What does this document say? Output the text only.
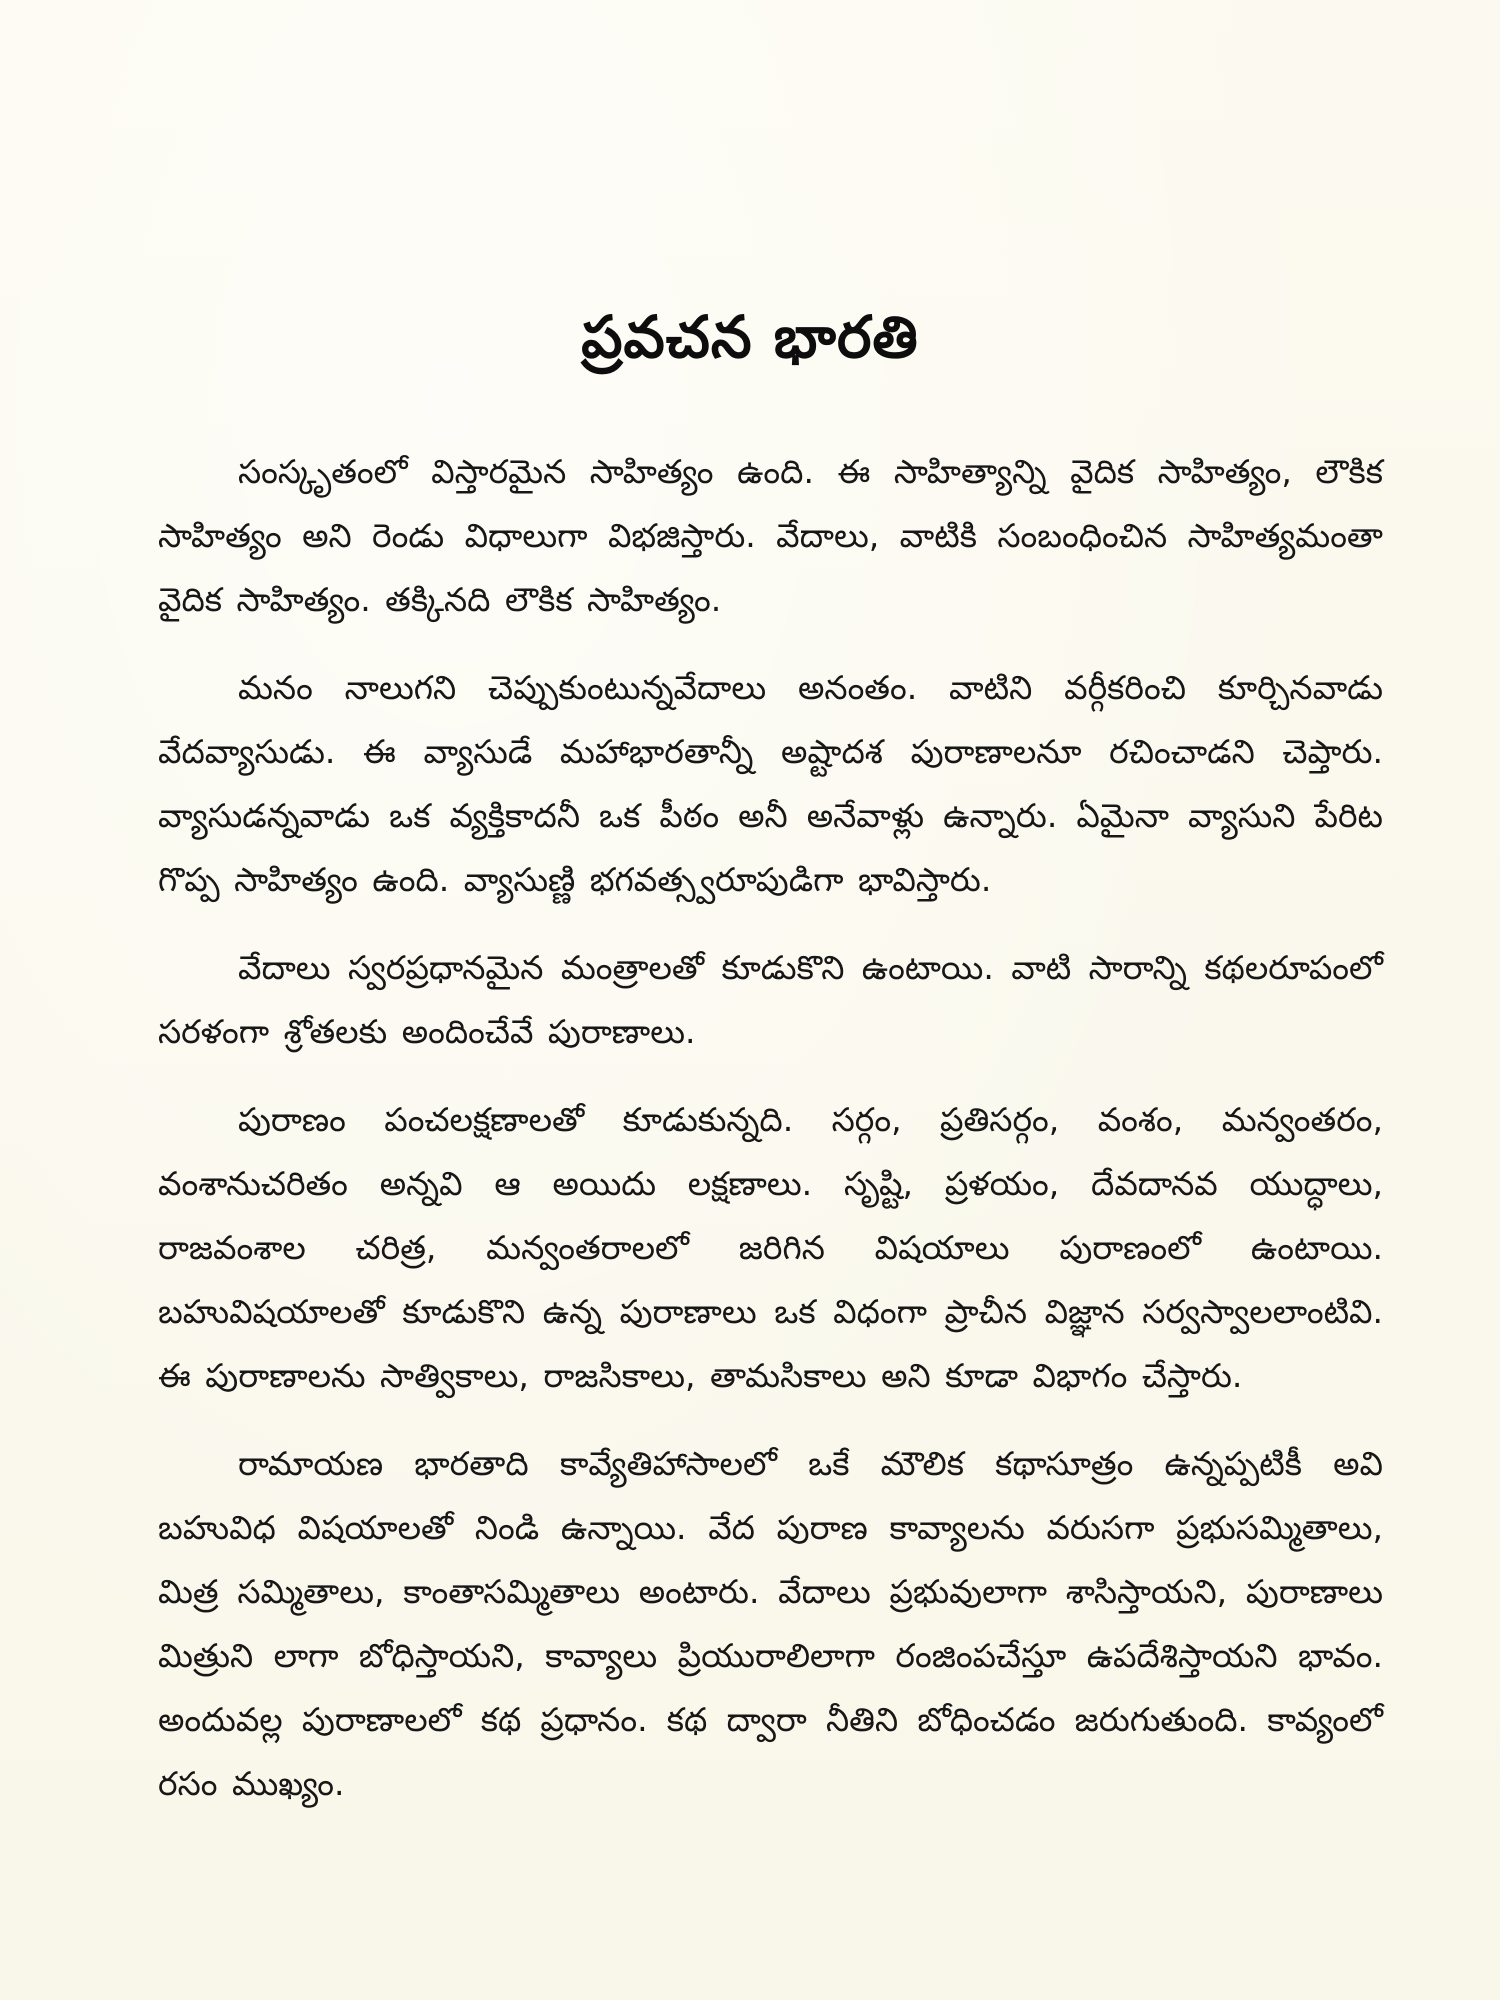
ప్రవచన భారతి

సంస్కృతంలో విస్తారమైన సాహిత్యం ఉంది. ఈ సాహిత్యాన్ని వైదిక సాహిత్యం, లౌకిక సాహిత్యం అని రెండు విధాలుగా విభజిస్తారు. వేదాలు, వాటికి సంబంధించిన సాహిత్యమంతా వైదిక సాహిత్యం. తక్కినది లౌకిక సాహిత్యం.

మనం నాలుగని చెప్పుకుంటున్నవేదాలు అనంతం. వాటిని వర్గీకరించి కూర్చినవాడు వేదవ్యాసుడు. ఈ వ్యాసుడే మహాభారతాన్నీ అష్టాదశ పురాణాలనూ రచించాడని చెప్తారు. వ్యాసుడన్నవాడు ఒక వ్యక్తికాదనీ ఒక పీఠం అనీ అనేవాళ్లు ఉన్నారు. ఏమైనా వ్యాసుని పేరిట గొప్ప సాహిత్యం ఉంది. వ్యాసుణ్ణి భగవత్స్వరూపుడిగా భావిస్తారు.

వేదాలు స్వరప్రధానమైన మంత్రాలతో కూడుకొని ఉంటాయి. వాటి సారాన్ని కథలరూపంలో సరళంగా శ్రోతలకు అందించేవే పురాణాలు.

పురాణం పంచలక్షణాలతో కూడుకున్నది. సర్గం, ప్రతిసర్గం, వంశం, మన్వంతరం, వంశానుచరితం అన్నవి ఆ అయిదు లక్షణాలు. సృష్టి, ప్రళయం, దేవదానవ యుద్ధాలు, రాజవంశాల చరిత్ర, మన్వంతరాలలో జరిగిన విషయాలు పురాణంలో ఉంటాయి. బహువిషయాలతో కూడుకొని ఉన్న పురాణాలు ఒక విధంగా ప్రాచీన విజ్ఞాన సర్వస్వాలలాంటివి. ఈ పురాణాలను సాత్వికాలు, రాజసికాలు, తామసికాలు అని కూడా విభాగం చేస్తారు.

రామాయణ భారతాది కావ్యేతిహాసాలలో ఒకే మౌలిక కథాసూత్రం ఉన్నప్పటికీ అవి బహువిధ విషయాలతో నిండి ఉన్నాయి. వేద పురాణ కావ్యాలను వరుసగా ప్రభుసమ్మితాలు, మిత్ర సమ్మితాలు, కాంతాసమ్మితాలు అంటారు. వేదాలు ప్రభువులాగా శాసిస్తాయని, పురాణాలు మిత్రుని లాగా బోధిస్తాయని, కావ్యాలు ప్రియురాలిలాగా రంజింపచేస్తూ ఉపదేశిస్తాయని భావం. అందువల్ల పురాణాలలో కథ ప్రధానం. కథ ద్వారా నీతిని బోధించడం జరుగుతుంది. కావ్యంలో రసం ముఖ్యం.
